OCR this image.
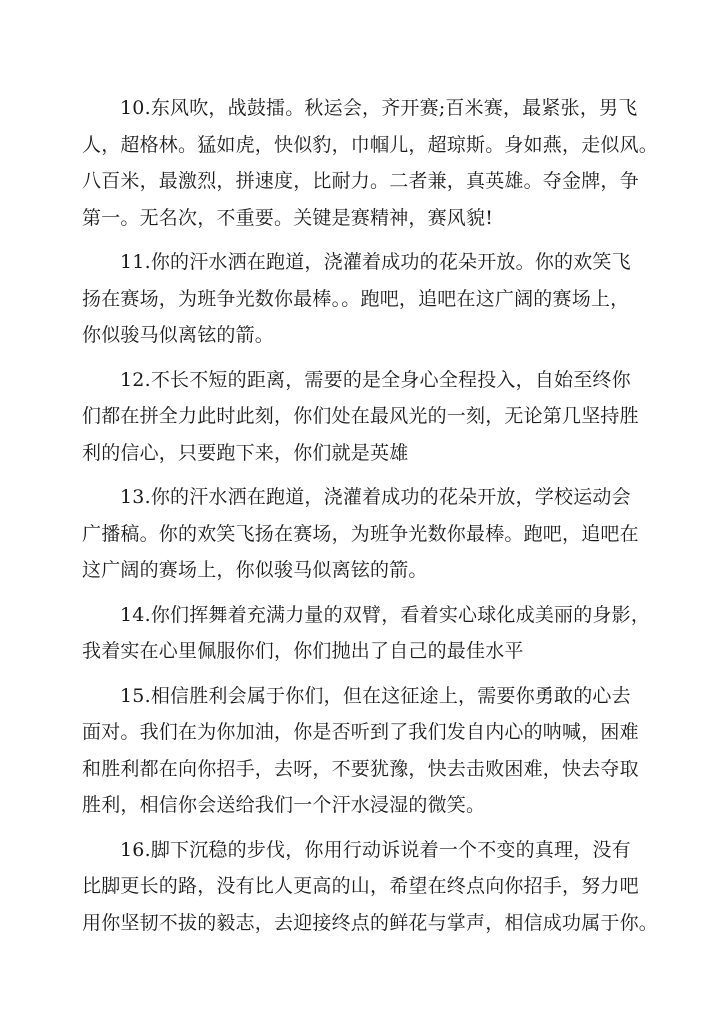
10.东风吹，战鼓擂。秋运会，齐开赛;百米赛，最紧张，男飞
人，超格林。猛如虎，快似豹，巾帼儿，超琼斯。身如燕，走似风。
八百米，最激烈，拼速度，比耐力。二者兼，真英雄。夺金牌，争
第一。无名次，不重要。关键是赛精神，赛风貌!
11.你的汗水洒在跑道，浇灌着成功的花朵开放。你的欢笑飞
扬在赛场，为班争光数你最棒。。跑吧，追吧在这广阔的赛场上，
你似骏马似离铉的箭。
12.不长不短的距离，需要的是全身心全程投入，自始至终你
们都在拼全力此时此刻，你们处在最风光的一刻，无论第几坚持胜
利的信心，只要跑下来，你们就是英雄
13.你的汗水洒在跑道，浇灌着成功的花朵开放，学校运动会
广播稿。你的欢笑飞扬在赛场，为班争光数你最棒。跑吧，追吧在
这广阔的赛场上，你似骏马似离铉的箭。
14.你们挥舞着充满力量的双臂，看着实心球化成美丽的身影，
我着实在心里佩服你们，你们抛出了自己的最佳水平
15.相信胜利会属于你们，但在这征途上，需要你勇敢的心去
面对。我们在为你加油，你是否听到了我们发自内心的呐喊，困难
和胜利都在向你招手，去呀，不要犹豫，快去击败困难，快去夺取
胜利，相信你会送给我们一个汗水浸湿的微笑。
16.脚下沉稳的步伐，你用行动诉说着一个不变的真理，没有
比脚更长的路，没有比人更高的山，希望在终点向你招手，努力吧
用你坚韧不拔的毅志，去迎接终点的鲜花与掌声，相信成功属于你。
